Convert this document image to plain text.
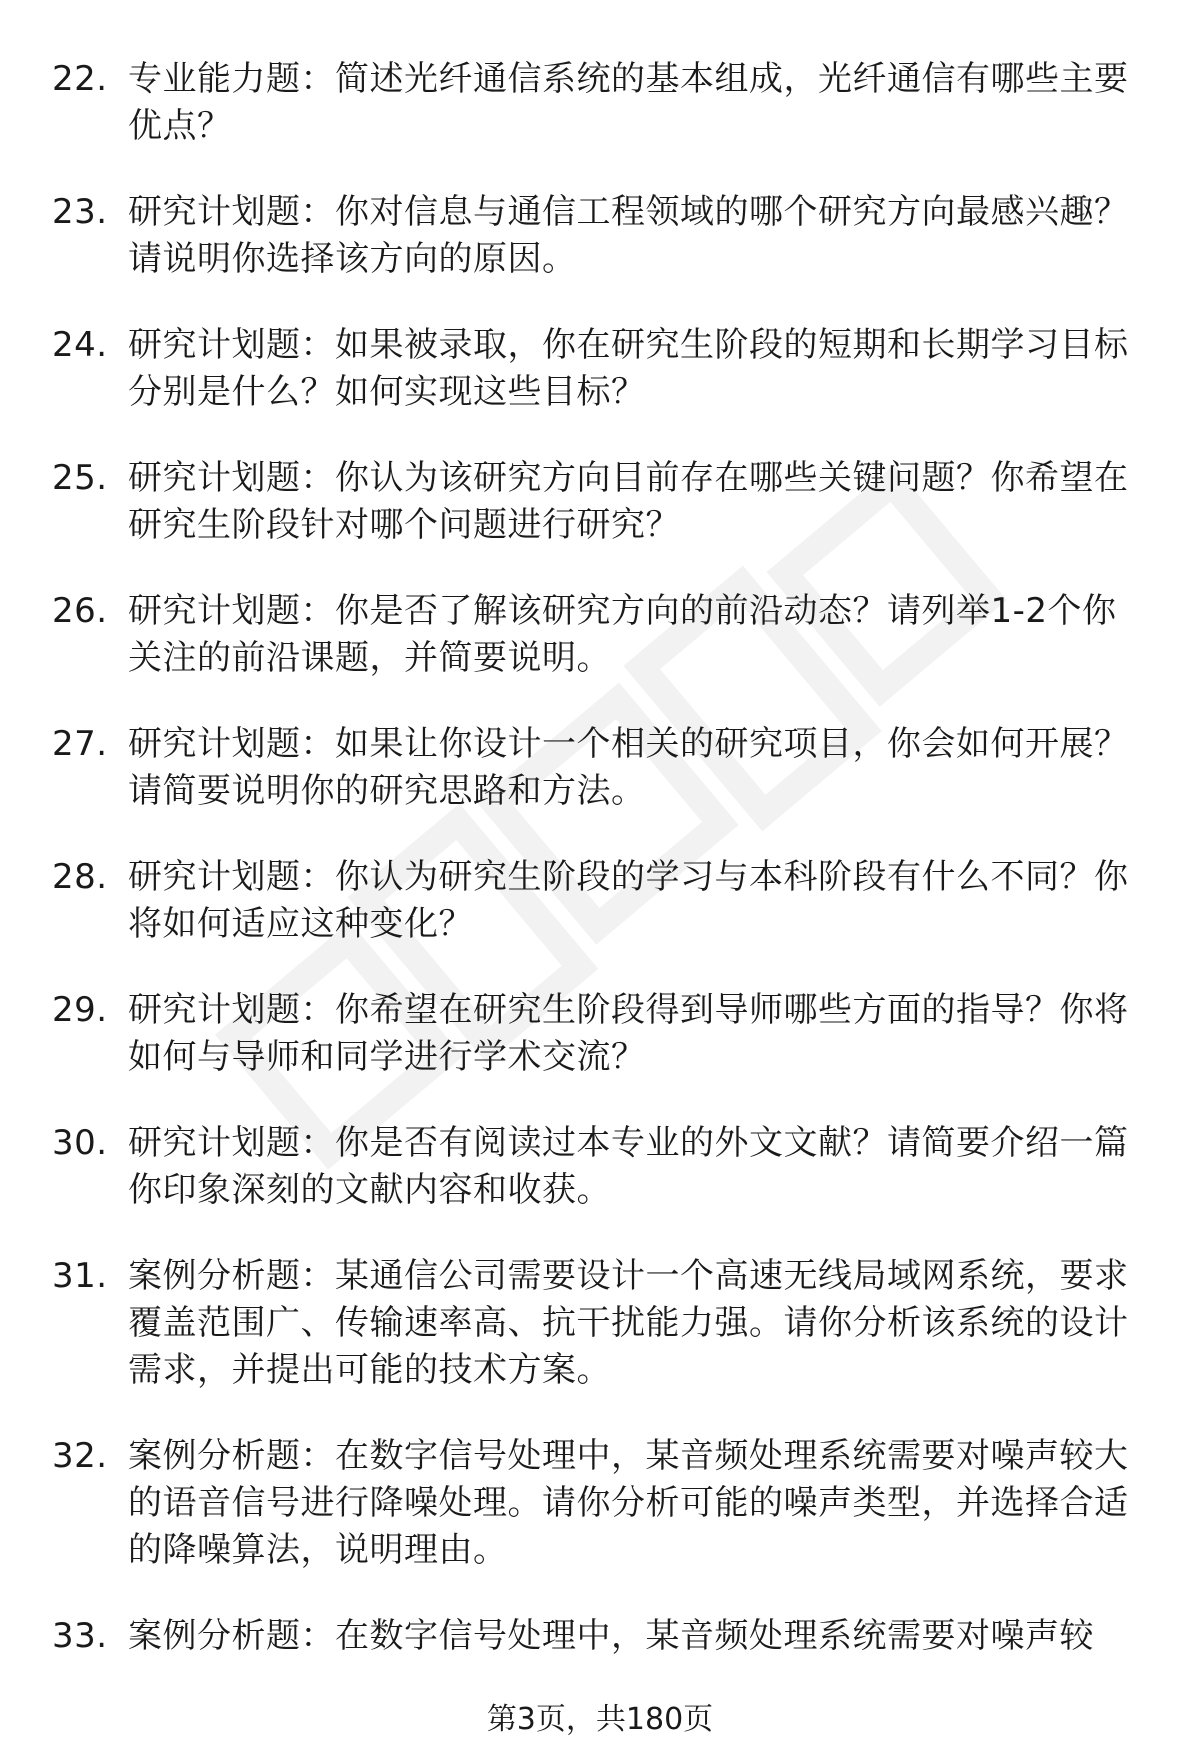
22. 专业能力题：简述光纤通信系统的基本组成，光纤通信有哪些主要优点？
23. 研究计划题：你对信息与通信工程领域的哪个研究方向最感兴趣？请说明你选择该方向的原因。
24. 研究计划题：如果被录取，你在研究生阶段的短期和长期学习目标分别是什么？如何实现这些目标？
25. 研究计划题：你认为该研究方向目前存在哪些关键问题？你希望在研究生阶段针对哪个问题进行研究？
26. 研究计划题：你是否了解该研究方向的前沿动态？请列举1-2个你关注的前沿课题，并简要说明。
27. 研究计划题：如果让你设计一个相关的研究项目，你会如何开展？请简要说明你的研究思路和方法。
28. 研究计划题：你认为研究生阶段的学习与本科阶段有什么不同？你将如何适应这种变化？
29. 研究计划题：你希望在研究生阶段得到导师哪些方面的指导？你将如何与导师和同学进行学术交流？
30. 研究计划题：你是否有阅读过本专业的外文文献？请简要介绍一篇你印象深刻的文献内容和收获。
31. 案例分析题：某通信公司需要设计一个高速无线局域网系统，要求覆盖范围广、传输速率高、抗干扰能力强。请你分析该系统的设计需求，并提出可能的技术方案。
32. 案例分析题：在数字信号处理中，某音频处理系统需要对噪声较大的语音信号进行降噪处理。请你分析可能的噪声类型，并选择合适的降噪算法，说明理由。
33. 案例分析题：在数字信号处理中，某音频处理系统需要对噪声较
第3页，共180页
